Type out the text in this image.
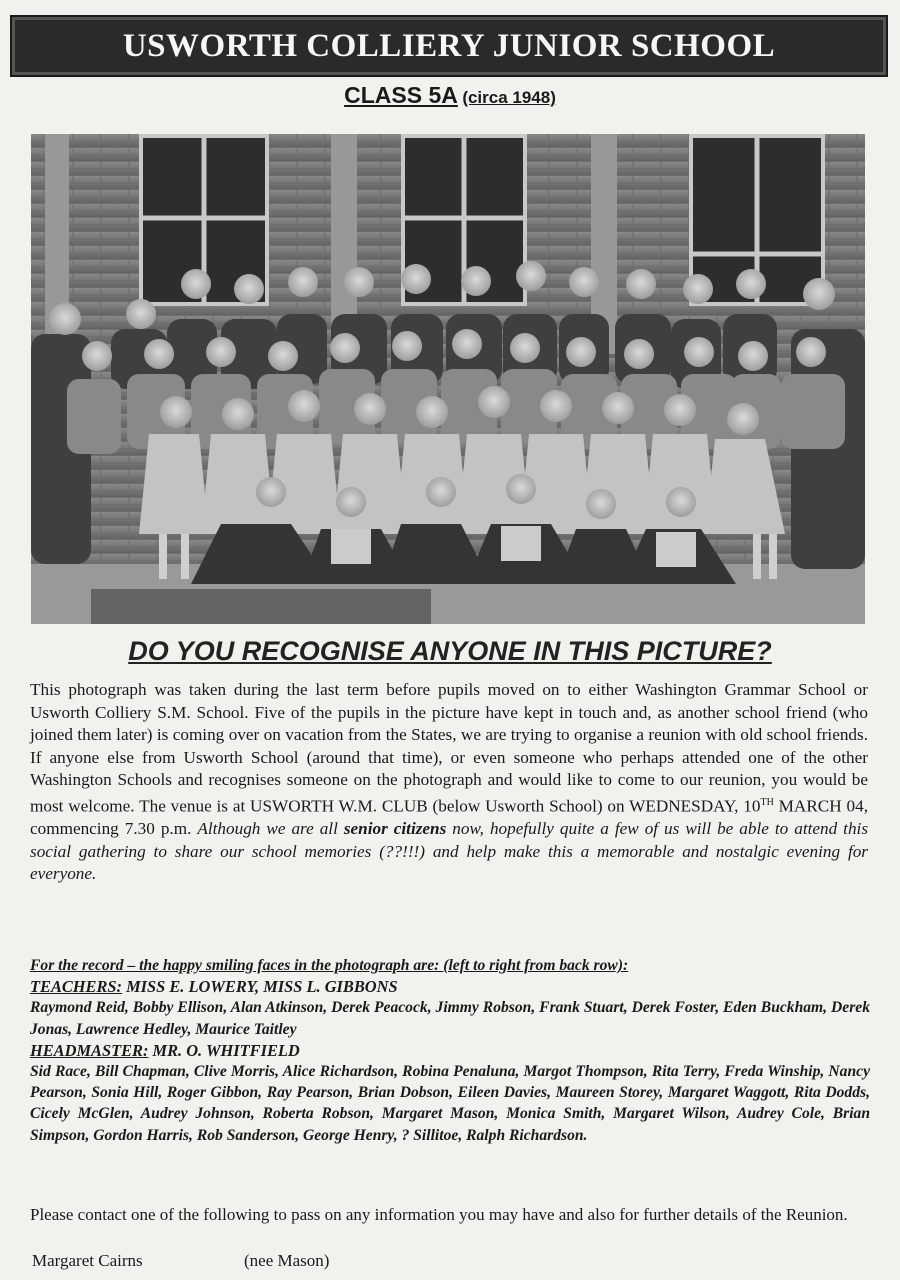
USWORTH COLLIERY JUNIOR SCHOOL
CLASS 5A (circa 1948)
DO YOU RECOGNISE ANYONE IN THIS PICTURE?
This photograph was taken during the last term before pupils moved on to either Washington Grammar School or Usworth Colliery S.M. School. Five of the pupils in the picture have kept in touch and, as another school friend (who joined them later) is coming over on vacation from the States, we are trying to organise a reunion with old school friends. If anyone else from Usworth School (around that time), or even someone who perhaps attended one of the other Washington Schools and recognises someone on the photograph and would like to come to our reunion, you would be most welcome. The venue is at USWORTH W.M. CLUB (below Usworth School) on WEDNESDAY, 10TH MARCH 04, commencing 7.30 p.m. Although we are all senior citizens now, hopefully quite a few of us will be able to attend this social gathering to share our school memories (??!!!) and help make this a memorable and nostalgic evening for everyone.
For the record – the happy smiling faces in the photograph are: (left to right from back row):
TEACHERS: MISS E. LOWERY, MISS L. GIBBONS
Raymond Reid, Bobby Ellison, Alan Atkinson, Derek Peacock, Jimmy Robson, Frank Stuart, Derek Foster, Eden Buckham, Derek Jonas, Lawrence Hedley, Maurice Taitley
HEADMASTER: MR. O. WHITFIELD
Sid Race, Bill Chapman, Clive Morris, Alice Richardson, Robina Penaluna, Margot Thompson, Rita Terry, Freda Winship, Nancy Pearson, Sonia Hill, Roger Gibbon, Ray Pearson, Brian Dobson, Eileen Davies, Maureen Storey, Margaret Waggott, Rita Dodds, Cicely McGlen, Audrey Johnson, Roberta Robson, Margaret Mason, Monica Smith, Margaret Wilson, Audrey Cole, Brian Simpson, Gordon Harris, Rob Sanderson, George Henry, ? Sillitoe, Ralph Richardson.
Please contact one of the following to pass on any information you may have and also for further details of the Reunion.
Margaret Cairns	(nee Mason)
